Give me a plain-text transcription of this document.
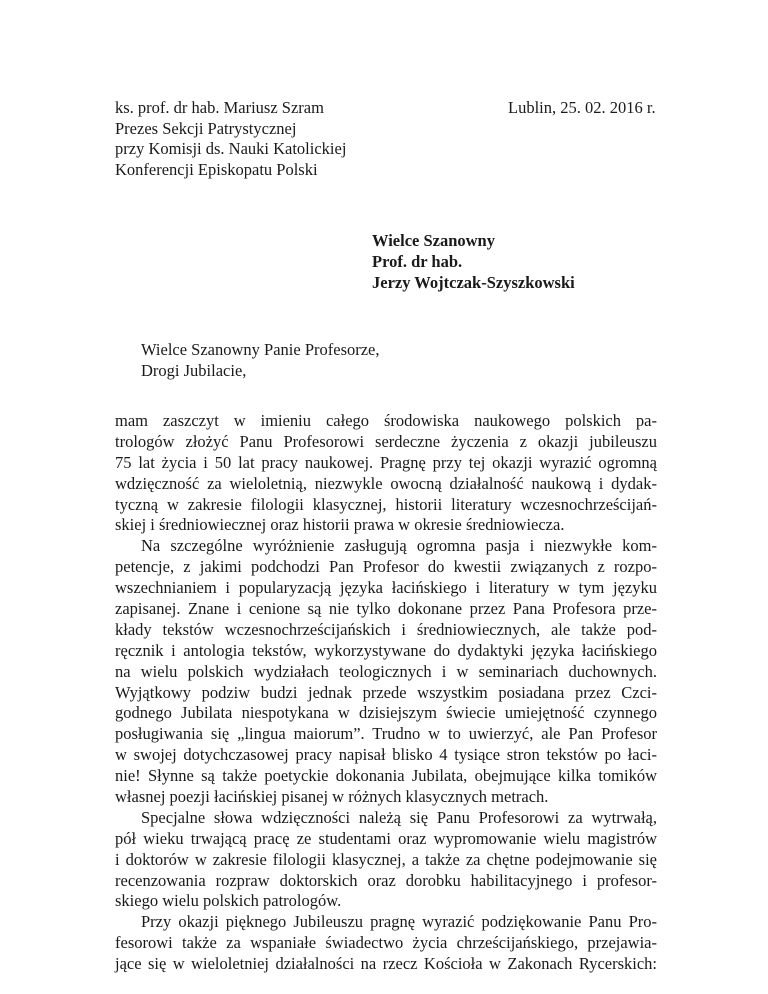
ks. prof. dr hab. Mariusz Szram
Prezes Sekcji Patrystycznej
przy Komisji ds. Nauki Katolickiej
Konferencji Episkopatu Polski
Lublin, 25. 02. 2016 r.
Wielce Szanowny
Prof. dr hab.
Jerzy Wojtczak-Szyszkowski
Wielce Szanowny Panie Profesorze,
Drogi Jubilacie,
mam zaszczyt w imieniu całego środowiska naukowego polskich pa-
trologów złożyć Panu Profesorowi serdeczne życzenia z okazji jubileuszu
75 lat życia i 50 lat pracy naukowej. Pragnę przy tej okazji wyrazić ogromną
wdzięczność za wieloletnią, niezwykle owocną działalność naukową i dydak-
tyczną w zakresie filologii klasycznej, historii literatury wczesnochrześcijań-
skiej i średniowiecznej oraz historii prawa w okresie średniowiecza.
Na szczególne wyróżnienie zasługują ogromna pasja i niezwykłe kom-
petencje, z jakimi podchodzi Pan Profesor do kwestii związanych z rozpo-
wszechnianiem i popularyzacją języka łacińskiego i literatury w tym języku
zapisanej. Znane i cenione są nie tylko dokonane przez Pana Profesora prze-
kłady tekstów wczesnochrześcijańskich i średniowiecznych, ale także pod-
ręcznik i antologia tekstów, wykorzystywane do dydaktyki języka łacińskiego
na wielu polskich wydziałach teologicznych i w seminariach duchownych.
Wyjątkowy podziw budzi jednak przede wszystkim posiadana przez Czci-
godnego Jubilata niespotykana w dzisiejszym świecie umiejętność czynnego
posługiwania się „lingua maiorum”. Trudno w to uwierzyć, ale Pan Profesor
w swojej dotychczasowej pracy napisał blisko 4 tysiące stron tekstów po łaci-
nie! Słynne są także poetyckie dokonania Jubilata, obejmujące kilka tomików
własnej poezji łacińskiej pisanej w różnych klasycznych metrach.
Specjalne słowa wdzięczności należą się Panu Profesorowi za wytrwałą,
pół wieku trwającą pracę ze studentami oraz wypromowanie wielu magistrów
i doktorów w zakresie filologii klasycznej, a także za chętne podejmowanie się
recenzowania rozpraw doktorskich oraz dorobku habilitacyjnego i profesor-
skiego wielu polskich patrologów.
Przy okazji pięknego Jubileuszu pragnę wyrazić podziękowanie Panu Pro-
fesorowi także za wspaniałe świadectwo życia chrześcijańskiego, przejawia-
jące się w wieloletniej działalności na rzecz Kościoła w Zakonach Rycerskich:
